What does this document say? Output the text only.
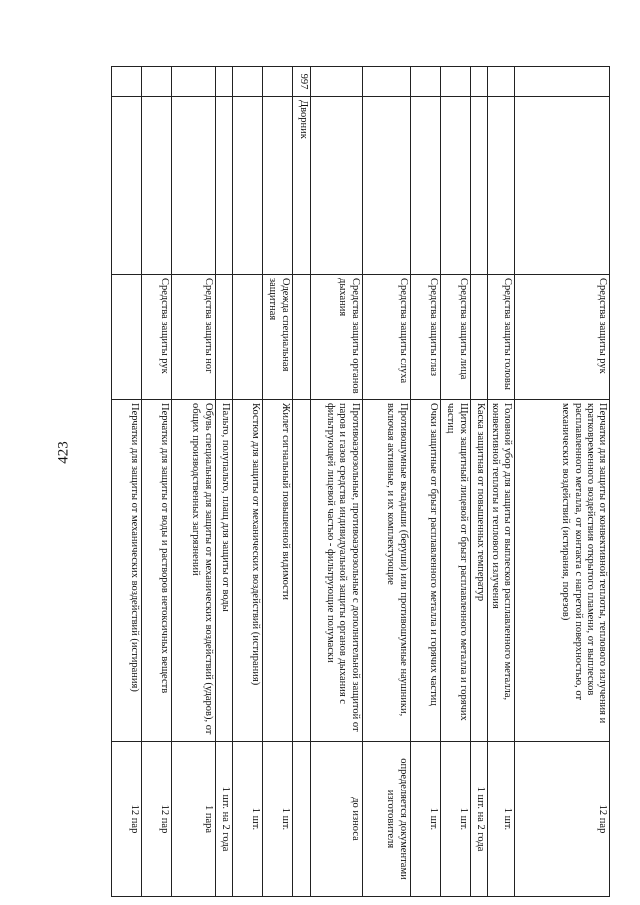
423
		Средства защиты рук	Перчатки для защиты от конвективной теплоты, теплового излучения и кратковременного воздействия открытого пламени, от выплесков расплавленного металла, от контакта с нагретой поверхностью, от механических воздействий (истирания, порезов)	12 пар
		Средства защиты головы	Головной убор для защиты от выплесков расплавленного металла, конвективной теплоты и теплового излучения	1 шт.
			Каска защитная от повышенных температур	1 шт. на 2 года
		Средства защиты лица	Щиток защитный лицевой от брызг расплавленного металла и горячих частиц	1 шт.
		Средства защиты глаз	Очки защитные от брызг расплавленного металла и горячих частиц	1 шт.
		Средства защиты слуха	Противошумные вкладыши (беруши) или противошумные наушники, включая активные, и их комплектующие	определяется документами изготовителя
		Средства защиты органов дыхания	Противоаэрозольные, противоаэрозольные с дополнительной защитой от паров и газов средства индивидуальной защиты органов дыхания с фильтрующей лицевой частью - фильтрующие полумаски	до износа
997	Дворник			
		Одежда специальная защитная	Жилет сигнальный повышенной видимости	1 шт.
			Костюм для защиты от механических воздействий (истирания)	1 шт.
			Пальто, полупальто, плащ для защиты от воды	1 шт. на 2 года
		Средства защиты ног	Обувь специальная для защиты от механических воздействий (ударов), от общих производственных загрязнений	1 пара
		Средства защиты рук	Перчатки для защиты от воды и растворов нетоксичных веществ	12 пар
			Перчатки для защиты от механических воздействий (истирания)	12 пар
